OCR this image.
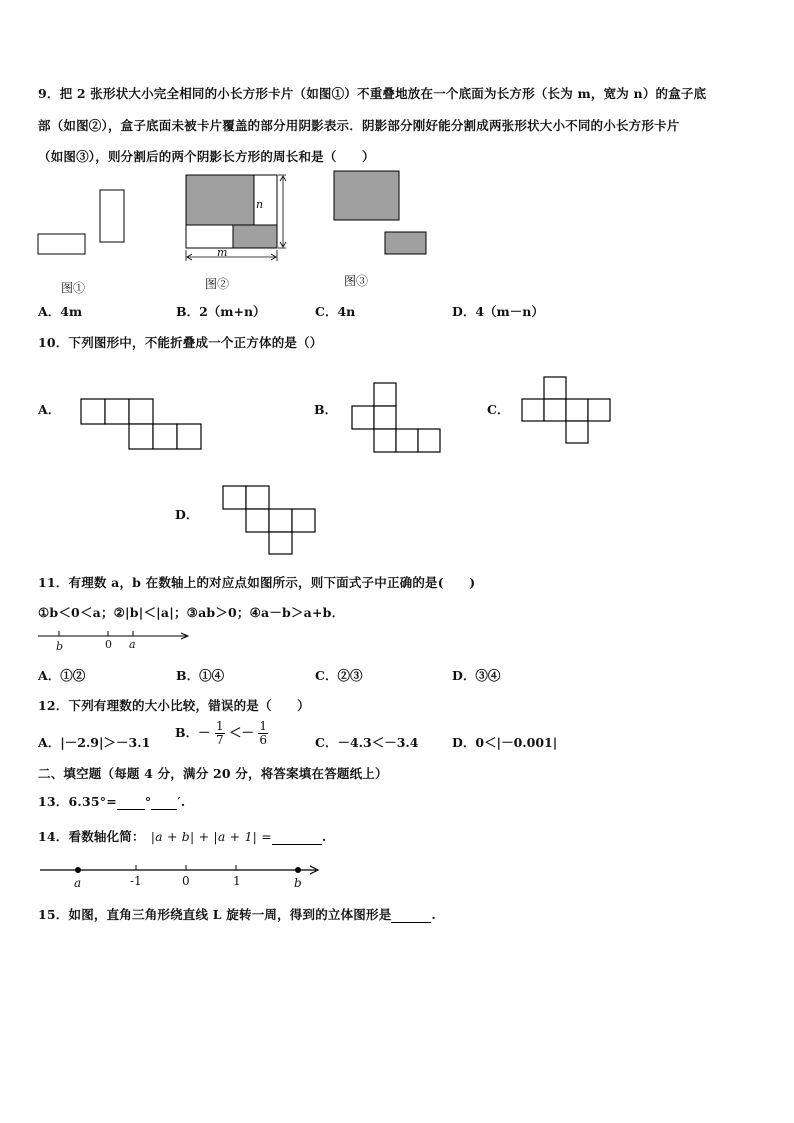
9．把 2 张形状大小完全相同的小长方形卡片（如图①）不重叠地放在一个底面为长方形（长为 m，宽为 n）的盒子底
部（如图②），盒子底面未被卡片覆盖的部分用阴影表示．阴影部分刚好能分割成两张形状大小不同的小长方形卡片
（如图③），则分割后的两个阴影长方形的周长和是（　　）
n
m
图①	图②	图③
A．4m	B．2（m+n）	C．4n	D．4（m－n）
10．下列图形中，不能折叠成一个正方体的是（）
A．	B．	C．
D．
11．有理数 a，b 在数轴上的对应点如图所示，则下面式子中正确的是(　　)
①b＜0＜a；②|b|＜|a|；③ab＞0；④a－b＞a+b．
b	0 a
A．①②	B．①④	C．②③	D．③④
12．下列有理数的大小比较，错误的是（　　）
A．|－2.9|＞－3.1
B．－ $\frac{1}{7} <- \frac{1}{6}$	C．－4.3＜－3.4	D．0＜|－0.001|
二、填空题（每题 4 分，满分 20 分，将答案填在答题纸上）
13．6.35°= ° ′.
14．看数轴化简： |a + b| + |a + 1| =	.
a	-1	0	1	b
15．如图，直角三角形绕直线 L 旋转一周，得到的立体图形是	.
